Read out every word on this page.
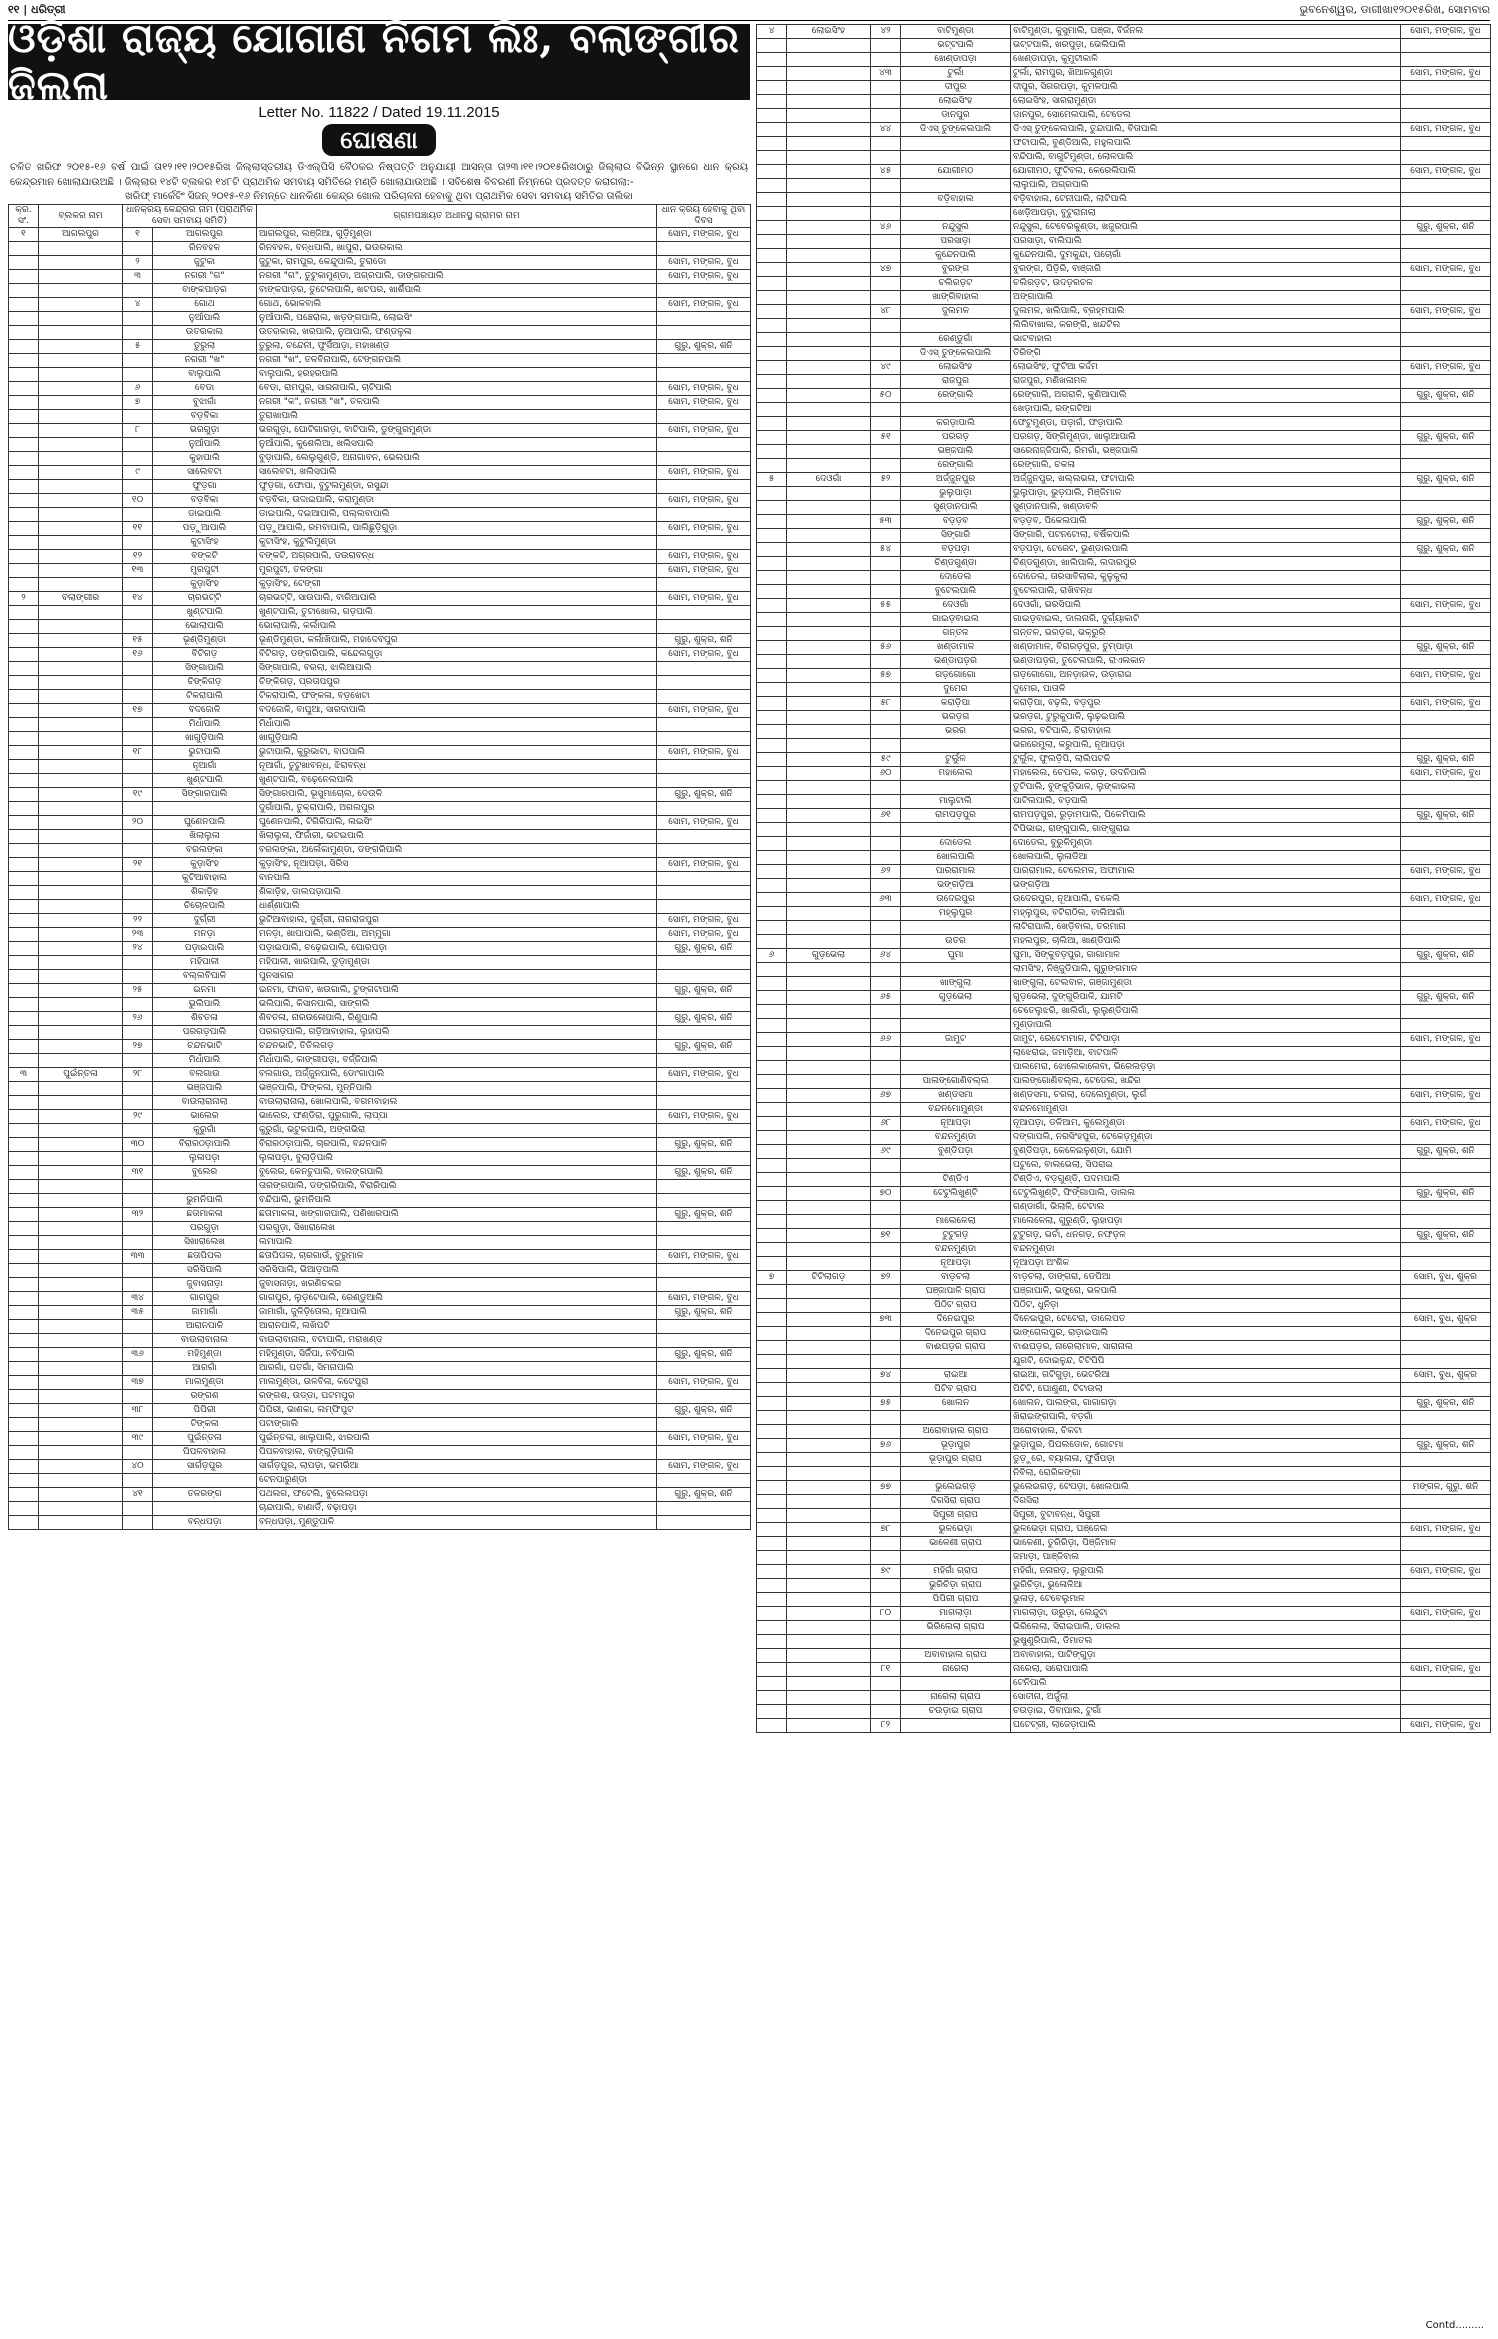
୧୧ | ଧରିତ୍ରୀ	ଭୁବନେଶ୍ୱର, ଡାଗୀଖା୧୨୦୧୫ରିଖ, ସୋମବାର
ଓଡ଼ିଶା ରାଜ୍ୟ ଯୋଗାଣ ନିଗମ ଲିଃ, ବଲାଙ୍ଗୀର ଜିଲ୍ଲା
Letter No. 11822 / Dated 19.11.2015
ଘୋଷଣା
ଚଳିତ ଖରିଫ ୨୦୧୫-୧୬ ବର୍ଷ ପାଇଁ ତା୧୨।୧୧।୨୦୧୫ରିଖ ଜିଲ୍ଲାସ୍ତରୀୟ ଡିଏଲ୍‌ପିସି ବୈଠକର ନିଷ୍ପତ୍ତି ଅନୁଯାୟୀ ଆସନ୍ତା ତା୨୩।୧୧।୨୦୧୫ରିଖଠାରୁ ଜିଲ୍ଲାର ବିଭିନ୍ନ ସ୍ଥାନରେ ଧାନ କ୍ରୟ କେନ୍ଦ୍ରମାନ ଖୋଲାଯାଉଅଛି । ଜିଲ୍ଲାର ୧୪ଟି ବ୍ଲକର ୧୪୮ଟି ପ୍ରାଥମିକ ସମବାୟ ସମିତିରେ ମଣ୍ଡି ଖୋଲାଯାଉଅଛି । ସବିଶେଷ ବିବରଣୀ ନିମ୍ନରେ ପ୍ରଦତ୍ତ କରାଗଲା:-
ଖରିଫ୍ ମାର୍କେଟିଂ ସିଜନ୍ ୨୦୧୫-୧୬ ନିମନ୍ତେ ଧାନକିଣା କେନ୍ଦ୍ର ଖୋଲ ପରିଚାଳନା ହେବାକୁ ଥିବା ପ୍ରାଥମିକ ସେବା ସମବାୟ ସମିତିର ତାଲିକା
କ୍ର. ସଂ.	ବ୍ଲକର ନାମ	ଧାନକ୍ରୟ କେନ୍ଦ୍ରର ନାମ (ପ୍ରାଥମିକ ସେବା ସମବାୟ ସମିତି)		ଗ୍ରାମପଞ୍ଚାୟତ ଅଧୀନସ୍ଥ ଗ୍ରାମର ନାମ	ଧାନ କ୍ରୟ ହେବାକୁ ଥିବା ଦିବସ
୧	ଆଗଲପୁର	୧	ଆଗଲପୁର	ଆଗଲପୁର, ଲଞ୍ଜିଆ, ଗୁଡ଼ିମୁଣ୍ଡା	ସୋମ, ମଙ୍ଗଳ, ବୁଧ
			ରିନବହଳ	ରିନବହଳ, ବନ୍ଧପାଲି, ଖାପୁରା, ଭଉରକାଲ	
		୨	ଜୁଟୁକା	ଜୁଟୁକା, ରାମପୁର, କେନ୍ଦୁପାଲି, ତୁରାଡୋ	ସୋମ, ମଙ୍ଗଳ, ବୁଧ
		୩	ନଗରୀ "ଗ"	ନଗରୀ "ଗ", ତୁଟୁକାମୁଣ୍ଡା, ଅଗ୍ରପାଲି, ଡାଙ୍ଗରପାଲି	ସୋମ, ମଙ୍ଗଳ, ବୁଧ
			ବାଙ୍କପାଡ଼ର	ବାଙ୍କପାଡ଼ର, ତୁଟେଲପାଲି, ଖଟପର, ଖାର୍ଶିପାଲି	
		୪	ଗୋଥ	ଗୋଥ, ଭୋକବାଲି	ସୋମ, ମଙ୍ଗଳ, ବୁଧ
			ନୁଆଁପାଲି	ନୁଆଁପାଲି, ପଞ୍ଚେରାଲ, ଖଡ଼ଙ୍ଗପାଲି, ଲୋଇସିଂ	
			ଉତରକାଲ	ଉତରକାଲ, ଖରପାଲି, ନୁଆପାଲି, ଫଣ୍ଡଳୁଳା	
		୫	ତୁରୁଲା	ତୁରୁଲା, ଚନ୍ଦେନୀ, ଫୁର୍ସିଆଡ଼ା, ମହାଖଣ୍ଡ	ଗୁରୁ, ଶୁକ୍ର, ଶନି
			ନଗରୀ "ଖ"	ନଗରୀ "ଖ", ତଳବିନାପାଲି, ଟେଙ୍ଗନପାଲି	
			ବାଲୁପାଲି	ବାଲୁପାଲି, ହରହରପାଲି	
		୬	ବେଡା	ବେଡା, ରାମପୁର, ସାରନାପାଲି, ଚାଟିପାଲି	ସୋମ, ମଙ୍ଗଳ, ବୁଧ
		୭	ବୁଝାଗାଁ	ନଗରୀ "କ", ନଗରୀ "ଖ", ତଳପାଲି	ସୋମ, ମଙ୍ଗଳ, ବୁଧ
			ବଡ଼ବିକା	ତୁରାଖାପାଲି	
		୮	ଭରଗୁଡ଼ା	ଭରଗୁଡ଼ା, ଘୋଟିଗାରଡ଼ା, ବାଟିପାଲି, ଡୁଙ୍ଗୁରମୁଣ୍ଡା	ସୋମ, ମଙ୍ଗଳ, ବୁଧ
			ନୁଆଁପାଲି	ନୁଆଁପାଲି, କୁଶେଲିଆ, ଖଲିସପାଲି	
			କୁହାପାଲି	ବୁଡ଼ାପାଲି, ଲେଲୁଗୁଣ୍ଡି, ଅନାଗାବନ, ଭେଲପାଲି	
		୯	ସାଲେବଟା	ସାଲେବଟା, ଖଲିସପାଲି	ସୋମ, ମଙ୍ଗଳ, ବୁଧ
			ଫୁଡ଼ଗା	ଫୁଡ଼ଗା, ଫୋପା, ବୁଟୁଲମୁଣ୍ଡା, ରସୁନ୍ଦା	
		୧୦	ବଡ଼ବିକା	ବଡ଼ବିକା, ଉଦାଇପାଲି, କରାମୁଣ୍ଡା	ସୋମ, ମଙ୍ଗଳ, ବୁଧ
			ଡାଇପାଲି	ଡାଇପାଲି, ଦଇଆପାଲି, ପଲ୍ଲବାପାଲି	
		୧୧	ପଡ଼ୁଆପାଲି	ପଡ଼ୁଆପାଲି, ରମବାପାଲି, ପାଲିଛୁଡ଼ିଗୁଡ଼ା	ସୋମ, ମଙ୍ଗଳ, ବୁଧ
			କୁଟାସିଂହ	କୁଟାସିଂହ, କୁଟୁଲିମୁଣ୍ଡା	
		୧୨	ବଙ୍କଟି	ବଙ୍କଟି, ଅଗ୍ରପାଲି, ଡଉରାବନ୍ଧ	ସୋମ, ମଙ୍ଗଳ, ବୁଧ
		୧୩	ମୁରପୁଟୀ	ମୁରପୁଟୀ, ତଳଙ୍ଗା	ସୋମ, ମଙ୍ଗଳ, ବୁଧ
			କୁଡ଼ାସିଂହ	କୁଡ଼ାସିଂହ, ଟେଙ୍ଗୀ	
୨	ବଲାଙ୍ଗୀର	୧୪	ଚାରଭଟ୍ଟି	ଚାରଭଟ୍ଟି, ସାଉପାଲି, ବାରିଆପାଲି	ସୋମ, ମଙ୍ଗଳ, ବୁଧ
			ଖୁଣ୍ଟପାଲି	ଖୁଣ୍ଟପାଲି, ତୁଟାଖୋଲ, ଗଡ଼ପାଲି	
			ଭୋଲାପାଲି	ଭୋଲାପାଲି, କର୍ଲାପାଲି	
		୧୫	ଭୂଣ୍ଡିମୁଣ୍ଡା	ଭୂଣ୍ଡିମୁଣ୍ଡା, କର୍ଲାଖିପାଲି, ମହାଦେବପୁର	ଗୁରୁ, ଶୁକ୍ର, ଶନି
		୧୬	ବିଟିଗଡ଼	ବିଟିଗଡ଼, ଡଙ୍ଗରିପାଲି, କନ୍ଦେଲଗୁଡ଼ା	ସୋମ, ମଙ୍ଗଳ, ବୁଧ
			ସିଙ୍ଗାପାଲି	ସିଙ୍ଗାପାଲି, ବରଲା, ଝାଲିଆପାଲି	
			ଚିଙ୍କିଗଡ଼	ଚିଙ୍କିଗଡ଼, ପ୍ରତାପପୁର	
			ଟିକରାପାଲି	ଟିକରାପାଲି, ଫଙ୍କଳା, ବଡ଼ଖେଟା	
		୧୭	ବଦଜୋଳି	ବଦଜୋଳି, ବାଘୁଆ, ସାରଦାପାଲି	ସୋମ, ମଙ୍ଗଳ, ବୁଧ
			ମିର୍ଧାପାଲି	ମିର୍ଧାପାଲି	
			ଖାଗୁଡ଼ିପାଲି	ଖାଗୁଡ଼ିପାଲି	
		୧୮	ଭୁଟାପାଲି	ଭୁଟାପାଲି, କୁରୁଭାଟା, ବାଘପାଲି	ସୋମ, ମଙ୍ଗଳ, ବୁଧ
			ନୂଆଗାଁ	ନୂଆଗାଁ, ତୁଟୁଖାବନ୍ଧ, ଝିରାବନ୍ଧ	
			ଖୁଣ୍ଟପାଲି	ଖୁଣ୍ଟପାଲି, ବଢ଼େନେଲପାଲି	
		୧୯	ସିଙ୍ଗାରପାଲି	ସିଙ୍ଗାରପାଲି, ଭୂସୁମାଚୋଲ, ଦେଉଳି	ଗୁରୁ, ଶୁକ୍ର, ଶନି
				ଦୁର୍ଗାପାଲି, ତୁକ୍ରାପାଲି, ଅଗଲପୁର	
		୨୦	ଘୁଣେନପାଲି	ଘୁଣେନପାଲି, ଟିଗିରିପାଲି, ଲଇସିଂ	ସୋମ, ମଙ୍ଗଳ, ବୁଧ
			ଖିଲାଲୁଳା	ଖିଲାଲୁଳା, ଫିର୍ଜାରୀ, ଭଟଇପାଲି	
			ବରଲଙ୍କା	ବରଲଙ୍କା, ଅର୍ଲେକାମୁଣ୍ଡା, ଡଙ୍ଗରିପାଲି	
		୨୧	କୁଡ଼ାସିଂହ	କୁଡ଼ାସିଂହ, ନୂଆପଡ଼ା, ସିରିସ	ସୋମ, ମଙ୍ଗଳ, ବୁଧ
			କୁଟିଆବାହାଲ	ବାନପାଲି	
			ଶିକାଡ଼ିହ	ଶିକାଡ଼ିହ, ଡାଲପଡ଼ାପାଲି	
			ଚିଚୋଳପାଲି	ଧାର୍ଣ୍ଣାପାଲି	
		୨୨	ଦୁର୍ଗ୍ରୀ	ଭୁଟିଆବାହାଲ, ଦୁର୍ଗ୍ରୀ, ନାଗରାଜପୁର	ସୋମ, ମଙ୍ଗଳ, ବୁଧ
		୨୩	ମନଡ଼ା	ମନଡ଼ା, ଖାପାପାଲି, ଭଣ୍ଡିଆ, ଅମ୍ମୁଗା	ସୋମ, ମଙ୍ଗଳ, ବୁଧ
		୨୪	ପଡ଼ାଇପାଲି	ପଡ଼ାଇପାଲି, ଚଢ଼େଇପାଲି, ଘୋରପଡ଼ା	ଗୁରୁ, ଶୁକ୍ର, ଶନି
			ମହିପାଳୀ	ମହିପାଳୀ, ଖାରପାଲି, ଡୁଡ଼ାମୁଣ୍ଡା	
			ବଲ୍ଲବିପାଳି	ପୁନସାଗର	
		୨୫	ଇନମା	ଇନମା, ଫାରବ, ଖଉଗାଲି, ଟୁଙ୍ଗଟାପାଲି	ଗୁରୁ, ଶୁକ୍ର, ଶନି
			ଭୁଲିପାଲି	ଭଲିପାଲି, କିସାନପାଲି, ସାଙ୍ଗଲି	
		୨୬	ଶିବତଳା	ଶିବତଳା, ନାରଉଳୋପାଲି, ରିଣୁପାଲି	ଗୁରୁ, ଶୁକ୍ର, ଶନି
			ପରଗଡ଼ପାଲି	ପରଗଡ଼ପାଲି, ଗଡ଼ିଆବାହାଲ, ଲୁହାପଲି	
		୨୭	ଚନ୍ଦନଭାଟି	ଚନ୍ଦନଭାଟି, ତିତିଲଗଡ଼	ଗୁରୁ, ଶୁକ୍ର, ଶନି
			ମିର୍ଧାପାଲି	ମିର୍ଧାପାଲି, କାଙ୍ଗୀପଡ଼ା, ବର୍ଜ୍ଜିପାଲି	
୩	ପୁଇଁନ୍ତଳା	୨୮	ବଲଗାଉ	ବଲଗାଉ, ଅର୍ଜ୍ଜୁନପାଲି, ଡୋଂଗାପାଲି	ସୋମ, ମଙ୍ଗଳ, ବୁଧ
			ଭଞ୍ଜପାଲି	ଭଞ୍ଜପାଲି, ଫିଙ୍କଳା, ମୁନ୍ନିପାଲି	
			ବାଉଲାରାନାଲା	ବାଉଲାରାନାଲା, ଖୋଲପାଲି, ବଗମବାହାଲ	
		୨୯	ଭାଲେର	ଭାଲେର, ଫଣ୍ଡିରା, ପୁରୁଗାଲି, ଲାପ୍ପା	ସୋମ, ମଙ୍ଗଳ, ବୁଧ
			କୁରୁଗାଁ	କୁରୁଗାଁ, ଭଟୁକପାଲି, ଅଙ୍ଗଭିରା	
		୩୦	ବିରାରଠଡ଼ାପାଲି	ବିରାରଠଡ଼ାପାଲି, ଚାରପାଲି, ବନ୍ଦନପାଳି	ଗୁରୁ, ଶୁକ୍ର, ଶନି
			ଲୁଳାପଡ଼ା	ଲୁଳାପଡ଼ା, ବୁଲାଡ଼ିପାଲି	
		୩୧	ବୁଲେର	ବୁଲେର, କେନଚୁପାଲି, ବାଲଙ୍ଗପାଲି	ଗୁରୁ, ଶୁକ୍ର, ଶନି
				ତାରଙ୍ଗପାଲି, ଡଙ୍ଗରିପାଲି, ବିରାରିପାଲି	
			ଭୁମନିପାଲି	ବନ୍ଦିପାଲି, ଭୁମନିପାଲି	
		୩୨	ଛତାମାକଳା	ଛତାମାକଳା, ଖଙ୍ଗାରପାଲି, ପଣିଖାରପାଲି	ଗୁରୁ, ଶୁକ୍ର, ଶନି
			ପରଗୁଡ଼ା	ପରଗୁଡ଼ା, ସିଖାରାଲେଖ	
			ସିଖାରାଲେଖ	ଲମାପାଲି	
		୩୩	ଛତାପିପଲ	ଛତାପିପଲ, ଚାରଗାଉଁ, ବୁରୁମାଳ	ସୋମ, ମଙ୍ଗଳ, ବୁଧ
			ସରିସିପାଲି	ସରିସିପାଲି, ଭିଆଡ଼ପାଲି	
			ଜୁବାସନାଡ଼ା	ଜୁବାସନାଡ଼ା, ଖରଣିଚକର	
		୩୪	ଗାଗପୁର	ଗାଗପୁର, ଲୁଡ଼ଟେପାଲି, ରେଣ୍ଡୁଆଲି	ସୋମ, ମଙ୍ଗଳ, ବୁଧ
		୩୫	ଜାମାଗାଁ	ଜାମାଗାଁ, ଜୁଳିଡ଼ିତୋଲ, ନୂଆପାଲି	ଗୁରୁ, ଶୁକ୍ର, ଶନି
			ଆରାନପାଳି	ଆରାନପାଳି, ଲଖିପଟି	
			ବାଉଲାବାନାଲ	ବାଉଲାବାନାଲ, ବଟାପାଲି, ମରାଖଣ୍ଡ	
		୩୬	ମହିମୁଣ୍ଡା	ମହିମୁଣ୍ଡା, ସିର୍ଜିପା, ନବିପାଲି	ଗୁରୁ, ଶୁକ୍ର, ଶନି
			ଆରଗାଁ	ଆରଗାଁ, ପତଗାଁ, ସିମନାପାଲି	
		୩୭	ମାଲମୁଣ୍ଡା	ମାଲମୁଣ୍ଡା, ଉଳବିଳା, କଟେପୁରା	ସୋମ, ମଙ୍ଗଳ, ବୁଧ
			ରଙ୍ଗଶ	ରଙ୍ଗଶ, ଉଡ୍ଡା, ଘଟମପୁର	
		୩୮	ପିପିରୀ	ପିପିରୀ, ଭାଣକା, ଲମ୍ଫିପୁଟ	ଗୁରୁ, ଶୁକ୍ର, ଶନି
			ଟିଙ୍କଳା	ପଟାଙ୍ଗାଲି	
		୩୯	ପୁଇଁନ୍ତଳା	ପୁଇଁନ୍ତଳା, ଖାଲୁପାଲି, ଝାରପାଲି	ସୋମ, ମଙ୍ଗଳ, ବୁଧ
			ପିପଳବାହାଲ	ପିପଳବାହାଲ, ବାଙ୍ଗୁଡ଼ିପାଲି	
		୪୦	ସାର୍ଗଡ଼ପୁର	ସାର୍ଗଡ଼ପୁର, ଲାପଡ଼ା, ଭମରିଆ	ସୋମ, ମଙ୍ଗଳ, ବୁଧ
				ଟେନପାରୁଣ୍ଡା	
		୪୧	ତଳରଙ୍ଗ	ପଥଲଗ, ଫଟେଲି, ବୁଲେଲପଡ଼ା	ଗୁରୁ, ଶୁକ୍ର, ଶନି
				ଚାନ୍ଦାପାଲି, ବାଣାର୍ଡି, ବଢ଼ାପଡ଼ା	
			ବନ୍ଧପଡ଼ା	ବନ୍ଧପଡ଼ା, ମୁଣ୍ଡୁପାଳି	
୪	ଲୋଇସିଂହ	୪୨	ବାଟିମୁଣ୍ଡା	ବାଟିମୁଣ୍ଡା, କୁସୁମାଲି, ଘଞ୍ଜା, ବିର୍ଜନଲ	ସୋମ, ମଙ୍ଗଳ, ବୁଧ
			ଭଟ୍ଟପାଲି	ଭଟ୍ଟପାଲି, ଖରପୁଡ଼ା, ଭେଲିପାଲି	
			ଖେଣ୍ଡାପଡ଼ା	ଖେଣ୍ଡାପଡ଼ା, କୁମୁଟୀକାଳି	
		୪୩	ଟୁର୍ଲା	ଟୁର୍ଲା, ରାମପୁର, ଖିଆଳଗୁଣ୍ଡା	ସୋମ, ମଙ୍ଗଳ, ବୁଧ
			ଦୀପୁର	ଦୀପୁର, ସିଗରପଡ଼ା, କୁମଳପାଲି	
			ଲୋଇସିଂହ	ଲୋଇସିଂହ, ସାରରାମୁଣ୍ଡା	
			ଡାନପୁର	ଡାନପୁର, ସୋମେଲପାଲି, ଟେଡେଲ	
		୪୪	ଡିଏସ୍ ତୁଙ୍କେଲପାଲି	ଡିଏସ୍ ତୁଙ୍କେଲପାଲି, ତୁନ୍ଦାପାଲି, ବିତାପାଲି	ସୋମ, ମଙ୍ଗଳ, ବୁଧ
				ଫଟାପାଲି, ବୁଣ୍ଡିଆଲି, ମହୁଲପାଲି	
				ବନ୍ଦିପାଲି, ବାଗୁଟିମୁଣ୍ଡା, ଲୋଳପାଲି	
		୪୫	ଯୋଗୀମଠ	ଯୋଗୀମଠ, ଫୁଟିବଲ, କେରେଲିପାଲି	ସୋମ, ମଙ୍ଗଳ, ବୁଧ
				ଲାଲୁପାଲି, ଅଗ୍ରପାଲି	
			ବଡ଼ିବାହାଲ	ବଡ଼ିବାହାଲ, ଟେନୀପାଲି, ଲାଟିପାଲି	
				ଖେଡ଼ିଆପଡ଼ା, ବୁଟୁରାନାଲା	
		୪୬	ନନ୍ଦୁସୁଲ	ନନ୍ଦୁସୁଲ, ଟେବେରକୁଣ୍ଡା, ଖଜୁରପାଲି	ଗୁରୁ, ଶୁକ୍ର, ଶନି
			ପରସାଡ଼ା	ପରସାଡ଼ା, ବାଲିପାଲି	
			କୁନ୍ଦେନପାଲି	କୁନ୍ଦେନପାଲି, ଦୁମକୁନ୍ଦା, ପଚୋଗାଁ	
		୪୭	ବୁରଙ୍ଗ	ବୁରଙ୍ଗ, ପିଡ଼ିରି, ବାଞ୍ଜାରି	ସୋମ, ମଙ୍ଗଳ, ବୁଧ
			ଚଲିରଡ଼ଟ	ଚଲିରଡ଼ଟ, ଉଦଡ଼ରଚଳ	
			ଖାଙ୍ଗିବାହାଲ	ଅଙ୍ଗାପାଲି	
		୪୮	ଦୁଲମଳ	ଦୁଲମଳ, ଖଲିପାଲି, ବ୍ରହ୍ମପାଲି	ସୋମ, ମଙ୍ଗଳ, ବୁଧ
				ଲିଲିବାଖାଲ, କରଙ୍ଗି, ଖନ୍ଦଟିଲ	
			ରେଣ୍ଡୁଗାଁ	ଭାଟବାହାଲ	
			ଡିଏସ୍ ତୁଙ୍କେଲପାଲି	ତିରିଙ୍ଗି	
		୪୯	ଲୋଇସିଂହ	ଲୋଇସିଂହ, ଫୁଟିଆ କର୍ଦ୍ଦମ	ସୋମ, ମଙ୍ଗଳ, ବୁଧ
			ରାଜପୁର	ରାଜପୁର, ମଣିଖଳାମଳ	
		୫୦	ରେଙ୍ଗାଲି	ରେଙ୍ଗାଲି, ଅଗରାଳି, କୁଣିଆପାଲି	ଗୁରୁ, ଶୁକ୍ର, ଶନି
				ଖେଡ଼ାପାଲି, ରଙ୍ଗଟିଆ	
			କରଡ଼ାପାଲି	ଫେଟୁମୁଣ୍ଡା, ପଡ଼ାଗଁ, ଫଡ଼ାପାଲି	
		୫୧	ପରଗଡ଼	ପରଗଡ଼, ସିଙ୍ଗିମୁଣ୍ଡା, ଖାଲୁଆପାଲି	ଗୁରୁ, ଶୁକ୍ର, ଶନି
			ଭଞ୍ଜପାଲି	ସାରେନାଜ୍ଜିପାଲି, ରିମଗାଁ, ଭଞ୍ଜପାଲି	
			ରେଙ୍ଗାଲି	ରେଙ୍ଗାଲି, ଚକଳା	
୫	ଦେଓଗାଁ	୫୨	ଅର୍ଜ୍ଜୁନପୁର	ଅର୍ଜ୍ଜୁନପୁର, ଖଲ୍ଲଭଳା, ଫଟାପାଲି	ଗୁରୁ, ଶୁକ୍ର, ଶନି
			ଭୁଲୁପାଡ଼ା	ଭୁଲୁପାଡ଼ା, ଭୁଡ଼ପାଲି, ମିଞ୍ଜିମାଳ	
			ସୁଣ୍ଡାନପାଲି	ସୁଣ୍ଡାନପାଲି, ଖଣ୍ଡାବଳି	
		୫୩	ବଡ଼ଡ଼ବ	ବଡ଼ଡ଼ବ, ପିକେଲପାଲି	ଗୁରୁ, ଶୁକ୍ର, ଶନି
			ସିଙ୍ଗାରି	ସିଙ୍ଗାରି, ପଟନଟୋଲା, ବର୍ଷିକପାଲି	
		୫୪	ବଡ଼ପଡ଼ା	ବଡ଼ପଡ଼ା, ଟେରେଟ, ଭୁଣ୍ଡାଲପାଲି	ଗୁରୁ, ଶୁକ୍ର, ଶନି
			ଚିଣ୍ଡଗୁଣ୍ଡା	ଚିଣ୍ଡଗୁଣ୍ଡା, ଖାଲିପାଲି, ଲଦାରପୁର	
			ଦୋଡେଲ	ଦୋଡେଲ, ତାରସାବିଲାଲ, କୁଳୁକୁଲା	
			ବୁଟେଲପାଲି	ବୁଟେଲପାଲି, ରାଖିବନ୍ଧ	
		୫୫	ଦେଓଗାଁ	ଦେଓଗାଁ, ଭରସିପାଲି	ସୋମ, ମଙ୍ଗଳ, ବୁଧ
			ଗାଇଡ଼ବାଇଲ	ଗାଇଡ଼ବାଇଲ, ଡାଲନାରି, ଦୁର୍ଗ୍ୟାକାଟି	
			ଗନ୍ତଳ	ଗନ୍ତଳ, ଭରଡ଼ଗ, ଭକ୍ରୁରି	
		୫୬	ଖଣ୍ଡାମାଳ	ଖଣ୍ଡାମାଳ, ବିରାରଡ଼ପୁର, ତୁମ୍ପାଡ଼ା	ଗୁରୁ, ଶୁକ୍ର, ଶନି
			ଭଣ୍ଡାପଡ଼ର	ଭଣ୍ଡାପଡ଼ର, ତୁଟେଲପାଲି, ରାଏଲକାନ	
		୫୭	ଗଡ଼ଗୋଗୋ	ଗଡ଼ଗୋଗୋ, ଅନଡ଼ାଉଳ, ଉଡ଼ାରାଇ	ସୋମ, ମଙ୍ଗଳ, ବୁଧ
			ଦୁମେର	ଦୁମେର, ପାତାଳି	
		୫୮	କରାଡ଼ିପା	କରାଡ଼ିପା, ବଢ଼ଲି, ବଡ଼ପୁର	ସୋମ, ମଙ୍ଗଳ, ବୁଧ
			ଭରଡ଼ଗ	ଭରଡ଼ଗ, ଟୁରୁକୁପାଳି, ଲୁଢ଼ଇପାଲି	
			ଭରର	ଭରର, ବଟିପାଲି, ଚିରାବାହାଲ	
				ଭରରେମୁଲା, କରୁପାଲି, ନୂଆପଡ଼ା	
		୫୯	ଟୁର୍ଲୁଳ	ଟୁର୍ଲୁଳ, ଫୁଲଡ଼ିପି, ଲାଲିପଟଳି	ଗୁରୁ, ଶୁକ୍ର, ଶନି
		୬୦	ମହାଲେଲ	ମହାଲେଲ, ଚେପଲ, କରଡ଼, ଉଦନିପାଲି	ସୋମ, ମଙ୍ଗଳ, ବୁଧ
				ତୁଟିପାଲି, ବୁଙ୍କୁଡ଼ିଭାଳ, ଲୁଙ୍କାଭଲା	
			ମାଲୁଟାଲି	ପାଟିଲପାଲି, ବଡ଼ପାଲି	
		୬୧	ରାମପଡ଼ପୁର	ରାମପଡ଼ପୁର, ରୁଡ଼ାମପାଲି, ପିକେମିପାଲି	ଗୁରୁ, ଶୁକ୍ର, ଶନି
				ଟିପିଭାଇ, ରାଙ୍ଗୁପାଲି, ଗାଙ୍ଗୁରାଇ	
			ଦୋଡେଲ	ଦୋଡେଲ, ବୁରୁଳିମୁଣ୍ଡା	
			ଖୋଲପାଲି	ଖୋଲପାଲି, ଲୁଳାଡିଆ	
		୬୨	ପାରରାମାଲ	ପାରରାମାଲ, ଟେଲେମଳ, ଅଫାମାଲ	ସୋମ, ମଙ୍ଗଳ, ବୁଧ
			ଭଙ୍ଗଡ଼ିଆ	ଭଙ୍ଗଡ଼ିଆ	
		୬୩	ଉଦେରପୁର	ଉଦେରପୁର, ନୂଆପାଲି, ଚକେଲି	ସୋମ, ମଙ୍ଗଳ, ବୁଧ
			ମହ୍ଲୁପୁର	ମହ୍ଲୁପୁର, ବଟିରାଠିଲ, ବାଲିଆଗାଁ	
				ଲାଟିରାପାଲି, ଖେଡ଼ିବାଲ, ତରମାନା	
			ଉତର	ମହଲପୁର, ଚାଲିଆ, ଖାଣ୍ଡିପାଲି	
୬	ଗୁଡ଼ଭେଲା	୬୪	ଘୁମା	ଘୁମା, ସିଙ୍କୁବଡ଼ପୁର, ଗାଗାମାଳ	ଗୁରୁ, ଶୁକ୍ର, ଶନି
				ଲାମସିଂହ, ନିଞ୍ଜୁଡିପାଲି, ଗୁରୁଙ୍ଗମାଳ	
			ଖାଙ୍ଗୁଲା	ଖାଙ୍ଗୁଲା, ଟେଲବାଳ, ଗଞ୍ଜାମୁଣ୍ଡା	
		୬୫	ଗୁଡ଼ଭେଲା	ଗୁଡ଼ଭେଲା, ଦୁଙ୍ଗୁରିପାଳି, ଯାମଟି	ଗୁରୁ, ଶୁକ୍ର, ଶନି
				ଚେତେଲୁଝରି, ଖାଲିଗାଁ, ଲୁଲୁଣ୍ଡିପାଲି	
				ମୁଣ୍ଡାପାଲି	
		୬୬	ଜାମୁଟ	ଜାମୁଟ, ରେଟେମମାଳ, ଟିଟିପାଡ଼ା	ସୋମ, ମଙ୍ଗଳ, ବୁଧ
				ଲାଝେରାଇ, ଜମାଡ଼ିଆ, ବାଟପାଳି	
				ପାଲମେରା, ଝୋଲେକାଲେବା, ଭିରେଲଡ଼ଡ଼ା	
			ପାଲଙ୍ଗୋଣିବଲ୍ଲ	ପାଲଙ୍ଗୋଣିବଲ୍ଲ, ଟେଡେଲ, ଖନ୍ଦିର	
		୬୭	ଖଣ୍ଡସମା	ଖଣ୍ଡସମା, ଚଗଲା, ଦେଲେମୁଣ୍ଡା, ଲୁର୍ଗ	ସୋମ, ମଙ୍ଗଳ, ବୁଧ
			ବନ୍ଦନମୋମୁଣ୍ଡା	ବନ୍ଦନମୋମୁଣ୍ଡା	
		୬୮	ନୂଆପଡ଼ା	ନୂଆପଡ଼ା, ଡଳିଆମ, କୁଲେମୁଣ୍ଡା	ସୋମ, ମଙ୍ଗଳ, ବୁଧ
			ବନ୍ଦନମୁଣ୍ଡା	ଦଙ୍ଗାପଲି, ନରସିଂହପୁର, ଟେକେଡ଼ମୁଣ୍ଡା	
		୬୯	ବୁଣ୍ଡିପଡ଼ା	ବୁଣ୍ଡିପଡ଼ା, କେଳେଇଳୁଣ୍ଡା, ଯୋମି	ଗୁରୁ, ଶୁକ୍ର, ଶନି
				ଘଟୁଲେ, ବାଲଭେଲା, ସିପରାଇ	
			ଟିଣ୍ଡିଏ	ଟିଣ୍ଡିଏ, ବଡ଼ଗୁଣ୍ଡି, ପଦମପାଲି	
		୭୦	ଟେଟୁଲିଖୁଣ୍ଟି	ଟେଟୁଲିଖୁଣ୍ଟି, ଫିର୍ଙ୍ଗାପାଲି, ଡାଲଲ	ଗୁରୁ, ଶୁକ୍ର, ଶନି
				ଗଣ୍ଡାଗାଁ, ଭିଲାଳି, ଟେଟାଲ	
			ମାଲେଳେଲା	ମାଲେଳେଲା, ଗୁରୁଣ୍ଡି, ଲୁହାପଡ଼ା	
		୭୧	ଟୁଟୁଗଡ଼	ଟୁଟୁଗଡ଼, ଭର୍ଚା, ଧନଗଡ଼, ନଫଡ଼ଳ	ଗୁରୁ, ଶୁକ୍ର, ଶନି
			ବନ୍ଦନମୁଣ୍ଡା	ବନ୍ଦନମୁଣ୍ଡା	
			ନୂଆପଡ଼ା	ନୂଆପଡ଼ା ଅଂଶିକ	
୭	ଟିଟିଲାଗଡ଼	୭୨	ବାଡ଼ଚଲା	ବାଡ଼ଚଲା, ଡାଙ୍ଗରା, ଡେପିଆ	ସୋମ, ବୁଧ, ଶୁକ୍ର
			ଘଞ୍ଜାପାଳି ଗ୍ରାପ	ଘଞ୍ଜାପାଳି, ଭଙ୍କ୍ରୋ, ଭଳପାଲି	
			ପିଠିଟ ଗ୍ରାପ	ପିଠିଟ, ଧୁନିଡ଼ା	
		୭୩	ଦିନେଇପୁର	ଦିନେଇପୁର, ଟେଟେରା, ଡାଲେପତ	ସୋମ, ବୁଧ, ଶୁକ୍ର
			ଦିନେଇପୁର ଗ୍ରାପ	ଭାଙ୍ଗେଲପୁର, ରାଡ଼ାଇପାଲି	
			ବାଈଘଡ଼ର ଗ୍ରାପ	ବାଈଘଡ଼ର, ନାରେଲାମାଳ, ସାରାନାଲ	
				ଯୁଗଟି, ଦୋଇଳୁନ୍ଦ, ଟିଟିପିପି	
		୭୪	ରାଇଆ	ରାଇଆ, ଗଟିଗୁଡ଼ା, ଭେଟରିଆ	ସୋମ, ବୁଧ, ଶୁକ୍ର
			ପିଟିବ ଗ୍ରାପ	ପିଟିଟି, ଘୋଣୁଣୀ, ଟିଟାଉଲା	
		୭୫	ଖୋଲନ	ଖୋଲନ, ପାଲଙ୍ଗ, ଗାଗାଗଡ଼ା	ଗୁରୁ, ଶୁକ୍ର, ଶନି
				ଖିରାଇଙ୍ଗପାଲି, ବଡ଼ଗାଁ	
			ଅରୋବାହାଲ ଗ୍ରାପ	ଅରୋବାହାଲ, ଚିକଟା	
		୭୬	ଭୂଡ଼ାପୁର	ଭୁଡ଼ାପୁର, ପିପଲଡୋଳ, ଗୋଟମା	ଗୁରୁ, ଶୁକ୍ର, ଶନି
			ଭୂଡ଼ାପୁର ଗ୍ରାପ	ଡୁଡ଼ୁରେ, ବ୍ୟାଳାଳା, ଫୁର୍ସିପଡ଼ା	
				ନିବିଲା, ରୋରିକଙ୍ଗା	
		୭୭	ଭୁଲେଇଗଡ଼	ଭୁଲେଇଗଡ଼, ଟେପଡ଼ା, ଖୋଲପାଲି	ମଙ୍ଗଳ, ଗୁରୁ, ଶନି
			ଦିଗସିରା ଗ୍ରାପ	ଦିଗସିରା	
			ସିପୁରୀ ଗ୍ରାପ	ସିପୁରୀ, ବୁଟାବନ୍ଧ, ସିପୁରୀ	
		୭୮	ଭୁଳଭେଡ଼ା	ଭୁଳଭେଡ଼ା ଗ୍ରାପ, ଘଞ୍ଜେଲ	ସୋମ, ମଙ୍ଗଳ, ବୁଧ
			ଭାଳେଣୀ ଗ୍ରାପ	ଭାଳେଣୀ, ତୁରିରିଡ଼ା, ପିଞ୍ଜିମାଳ	
				ଜମାଡ଼ା, ପାଞ୍ଜିବାଲ	
		୭୯	ମହିଗାଁ ଗ୍ରାପ	ମହିଗାଁ, ନନାରଡ଼, ଲୁରୁପାଲି	ସୋମ, ମଙ୍ଗଳ, ବୁଧ
			ଭୁରିଚିଡ଼ା ଗ୍ରାପ	ଭୁରିଚିଡ଼ା, ଭୁଳୋଳିଆ	
			ପିପିରୀ ଗ୍ରାପ	ଭୁଳାଡ଼, ଟେବେଲୁମାଳ	
		୮୦	ମାଗଲାଡ଼ା	ମାଗଲାଡ଼ା, ଉରୁଡ଼ା, ଲେନ୍ଦୁଟା	ସୋମ, ମଙ୍ଗଳ, ବୁଧ
			ଭିରିଲେଲା ଗ୍ରାପ	ଭିରିଲେଲା, ସିରାଇପାଲି, ଡାଲଲ	
				ଭୁଷୁଣୁରିପାଲି, ଡିମାତଲ	
			ଅବାବାହାଲ ଗ୍ରାପ	ଅବାବାହାଲ, ପାଟିଙ୍ଗୁଡ଼ା	
		୮୧	ନାରେଲା	ନାରେଲା, ସରୋପାପାଲି	ସୋମ, ମଙ୍ଗଳ, ବୁଧ
				ଟେନିପାଲି	
			ନାରେଲା ଗ୍ରାପ	ସୋତୀନା, ଅର୍ଜୁଲା	
			ଚଉଡ଼ାଇ ଗ୍ରାପ	ଚଉଡ଼ାଇ, ଡିବାପାଲ, ଟୁର୍ଗା	
		୮୨		ଘଟେଟ୍ରୀ, ଲାଜେଡ଼ାପାଲି	ସୋମ, ମଙ୍ଗଳ, ବୁଧ
Contd.........
